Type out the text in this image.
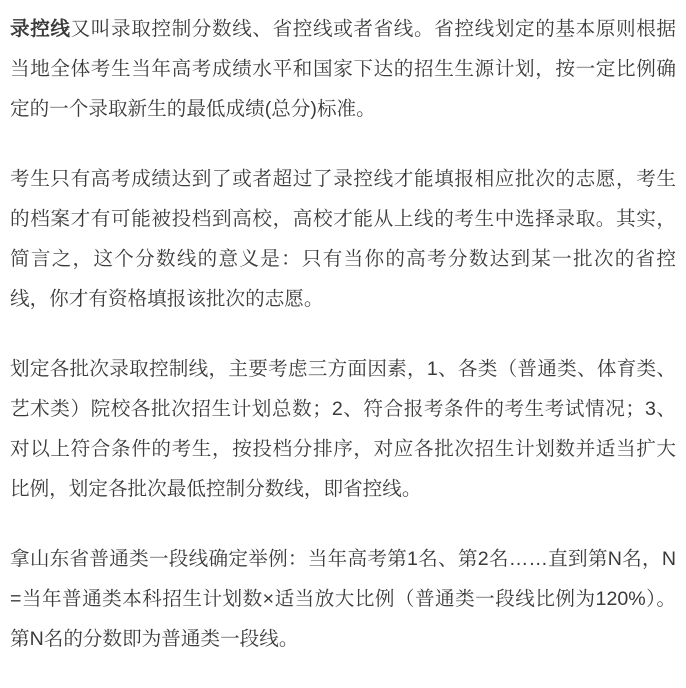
录控线又叫录取控制分数线、省控线或者省线。省控线划定的基本原则根据当地全体考生当年高考成绩水平和国家下达的招生生源计划，按一定比例确定的一个录取新生的最低成绩(总分)标准。

考生只有高考成绩达到了或者超过了录控线才能填报相应批次的志愿，考生的档案才有可能被投档到高校，高校才能从上线的考生中选择录取。其实，简言之，这个分数线的意义是：只有当你的高考分数达到某一批次的省控线，你才有资格填报该批次的志愿。

划定各批次录取控制线，主要考虑三方面因素，1、各类（普通类、体育类、艺术类）院校各批次招生计划总数；2、符合报考条件的考生考试情况；3、对以上符合条件的考生，按投档分排序，对应各批次招生计划数并适当扩大比例，划定各批次最低控制分数线，即省控线。

拿山东省普通类一段线确定举例：当年高考第1名、第2名……直到第N名，N=当年普通类本科招生计划数×适当放大比例（普通类一段线比例为120%）。第N名的分数即为普通类一段线。
